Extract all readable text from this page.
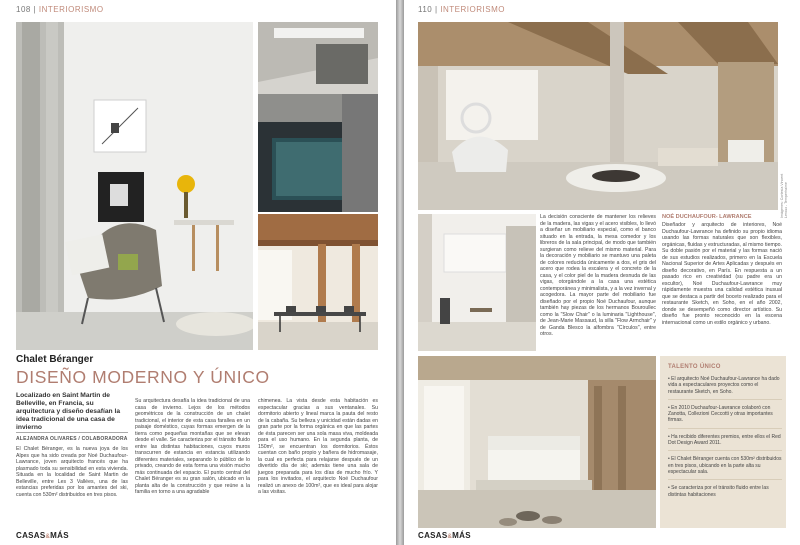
108 | INTERIORISMO
Chalet Béranger
DISEÑO MODERNO Y ÚNICO

Localizado en Saint Martin de Belleville, en Francia, su arquitectura y diseño desafían la idea tradicional de una casa de invierno

ALEJANDRA OLIVARES / COLABORADORA

El Chalet Béranger, es la nueva joya de los Alpes que ha sido creada por Noé Duchaufour-Lawrance, joven arquitecto francés que ha plasmado toda su sensibilidad en esta vivienda. Situada en la localidad de Saint Martin de Belleville, entre Les 3 Vallées, una de las estancias preferidas por los amantes del ski, cuenta con 530m² distribuidos en tres pisos.

Su arquitectura desafía la idea tradicional de una casa de invierno. Lejos de los métodos geométricos de la construcción de un chalet tradicional, el interior de esta casa farallea en un paisaje doméstico, cuyas formas emergen de la tierra como pequeñas montañas que se elevan desde el valle. Se caracteriza por el tránsito fluido entre las distintas habitaciones, cuyos muros transcurren de estancia en estancia utilizando diferentes materiales, separando lo público de lo privado, creando de esta forma una visión mucho más continuada del espacio. El punto central del Chalet Béranger es su gran salón, ubicado en la planta alta de la construcción y que reúne a la familia en torno a una agradable

chimenea. La vista desde esta habitación es espectacular gracias a sus ventanales. Su dormitorio abierto y lineal marca la pauta del resto de la cabaña. Su belleza y unicidad están dadas en gran parte por la forma orgánica en que las partes de ésta parecen ser una sola masa viva, moldeada para el uso humano. En la segunda planta, de 150m², se encuentran los dormitorios. Éstos cuentan con baño propio y bañera de hidromasaje, la cual es perfecta para relajarse después de un divertido día de ski; además tiene una sala de juegos preparada para los días de mucho frío. Y para los invitados, el arquitecto Noé Duchaufour realizó un anexo de 100m², que es ideal para alojar a las visitas.

CASAS&MÁS
110 | INTERIORISMO
Imágenes: Cortesía Vincent Leroux - Temperhaime

La decisión consciente de mantener los relieves de la madera, las vigas y el acero visibles, lo llevó a diseñar un mobiliario especial, como el banco situado en la entrada, la mesa comedor y los libreros de la sala principal, de modo que también surgieran como relieve del mismo material. Para la decoración y mobiliario se mantuvo una paleta de colores reducida únicamente a dos, el gris del acero que rodea la escalera y el concreto de la casa, y el color piel de la madera desnuda de las vigas, otorgándole a la casa una estética contemporánea y minimalista, y a la vez invernal y acogedora. La mayor parte del mobiliario fue diseñado por el propio Noé Duchaufour, aunque también hay piezas de los hermanos Bouroullec como la "Slow Chair" o la luminaria "Lighthouse", de Jean-Marie Massaud, la silla "Flow Armchair" y de Ganda Blesco la alfombra "Círculos", entre otros.

NOÉ DUCHAUFOUR- LAWRANCE

Diseñador y arquitecto de interiores, Noé Duchaufour-Lawrance ha definido su propio idioma usando las formas naturales que son flexibles, orgánicas, fluidas y estructuradas, al mismo tiempo. Su doble pasión por el material y las formas nació de sus estudios realizados, primero en la Escuela Nacional Superior de Artes Aplicadas y después en diseño decorativo, en París. En respuesta a un pasado rico en creatividad (su padre era un escultor), Noé Duchaufour-Lawrance muy rápidamente muestra una calidad estética inusual que se destaca a partir del boceto realizado para el restaurante Sketch, en Soho, en el año 2002, donde se desempeñó como director artístico. Su diseño fue pronto reconocido en la escena internacional como un estilo orgánico y urbano.

TALENTO ÚNICO
• El arquitecto Noé Duchaufour-Lawrance ha dado vida a espectaculares proyectos como el restaurante Sketch, en Soho.
• En 2010 Duchaufour-Lawrance colaboró con Zanotta, Collezioni Ceccotti y otras importantes firmas.
• Ha recibido diferentes premios, entre ellos el Red Dot Design Award 2011.
• El Chalet Béranger cuenta con 530m² distribuidos en tres pisos, ubicando en la parte alta su espectacular sala.
• Se caracteriza por el tránsito fluido entre las distintas habitaciones
CASAS&MÁS
